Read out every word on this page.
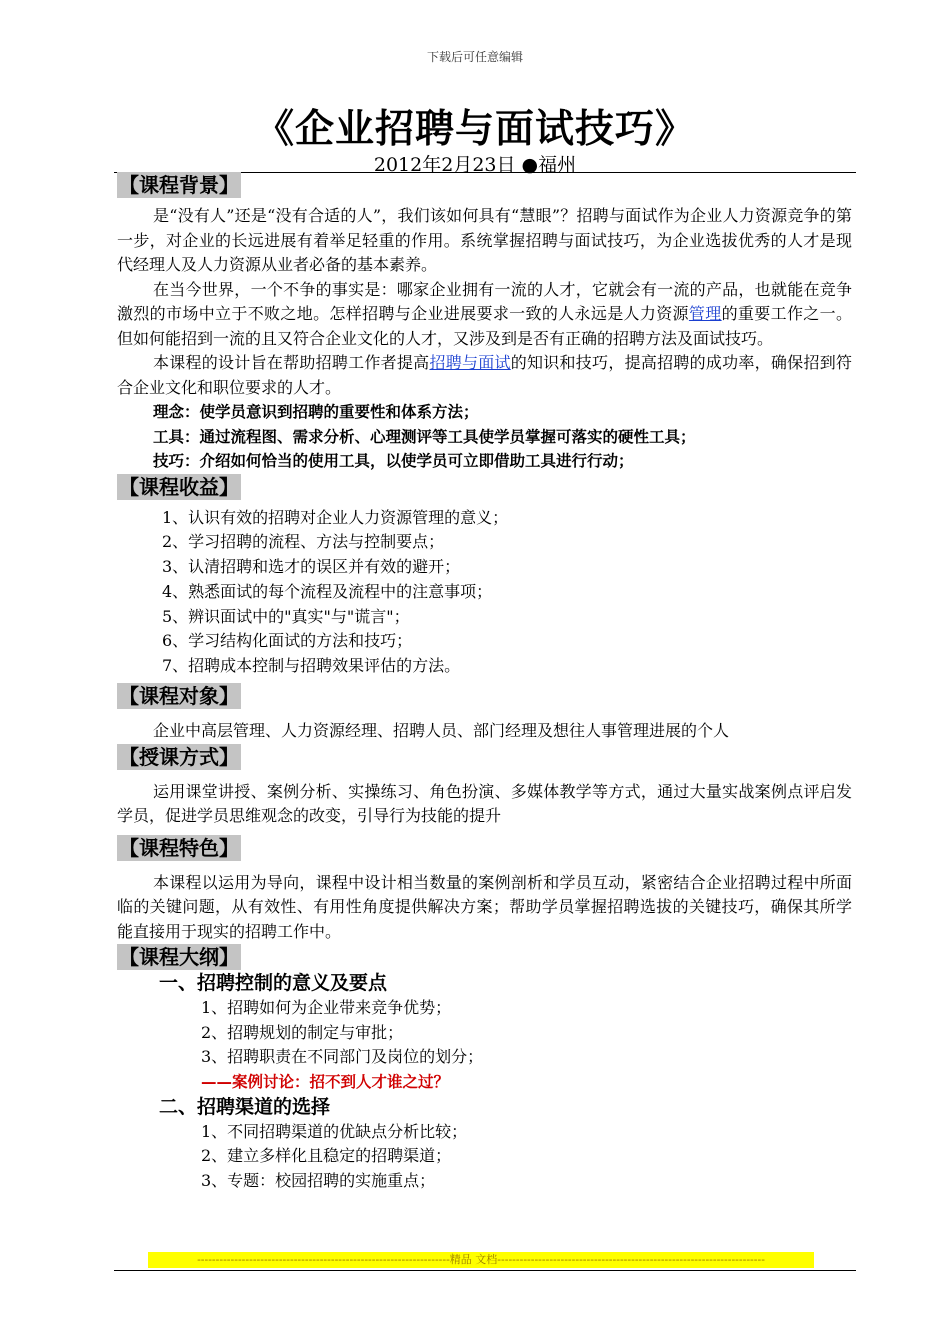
下载后可任意编辑
《企业招聘与面试技巧》
2012年2月23日 ●福州
【课程背景】

是“没有人”还是“没有合适的人”，我们该如何具有“慧眼”？招聘与面试作为企业人力资源竞争的第一步，对企业的长远进展有着举足轻重的作用。系统掌握招聘与面试技巧，为企业选拔优秀的人才是现代经理人及人力资源从业者必备的基本素养。

在当今世界，一个不争的事实是：哪家企业拥有一流的人才，它就会有一流的产品，也就能在竞争激烈的市场中立于不败之地。怎样招聘与企业进展要求一致的人永远是人力资源管理的重要工作之一。但如何能招到一流的且又符合企业文化的人才，又涉及到是否有正确的招聘方法及面试技巧。

本课程的设计旨在帮助招聘工作者提高招聘与面试的知识和技巧，提高招聘的成功率，确保招到符合企业文化和职位要求的人才。

理念：使学员意识到招聘的重要性和体系方法；
工具：通过流程图、需求分析、心理测评等工具使学员掌握可落实的硬性工具；
技巧：介绍如何恰当的使用工具，以使学员可立即借助工具进行行动；
【课程收益】
1、认识有效的招聘对企业人力资源管理的意义；
2、学习招聘的流程、方法与控制要点；
3、认清招聘和选才的误区并有效的避开；
4、熟悉面试的每个流程及流程中的注意事项；
5、辨识面试中的"真实"与"谎言"；
6、学习结构化面试的方法和技巧；
7、招聘成本控制与招聘效果评估的方法。
【课程对象】

企业中高层管理、人力资源经理、招聘人员、部门经理及想往人事管理进展的个人

【授课方式】

运用课堂讲授、案例分析、实操练习、角色扮演、多媒体教学等方式，通过大量实战案例点评启发学员，促进学员思维观念的改变，引导行为技能的提升

【课程特色】

本课程以运用为导向，课程中设计相当数量的案例剖析和学员互动，紧密结合企业招聘过程中所面临的关键问题，从有效性、有用性角度提供解决方案；帮助学员掌握招聘选拔的关键技巧，确保其所学能直接用于现实的招聘工作中。

【课程大纲】
一、招聘控制的意义及要点
1、招聘如何为企业带来竞争优势；
2、招聘规划的制定与审批；
3、招聘职责在不同部门及岗位的划分；
——案例讨论：招不到人才谁之过？
二、招聘渠道的选择
1、不同招聘渠道的优缺点分析比较；
2、建立多样化且稳定的招聘渠道；
3、专题：校园招聘的实施重点；
--------------------------------------------------------------------精品 文档------------------------------------------------------------------------
